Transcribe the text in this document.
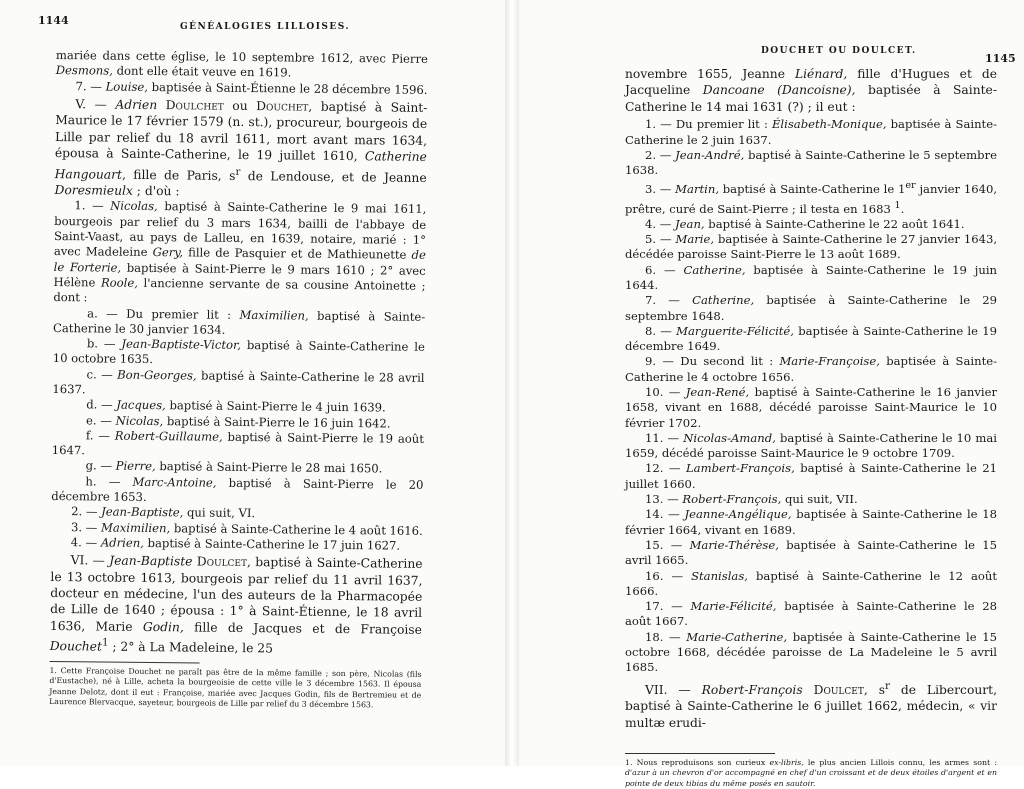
1144	GÉNÉALOGIES LILLOISES.

mariée dans cette église, le 10 septembre 1612, avec Pierre Desmons, dont elle était veuve en 1619.

7. — Louise, baptisée à Saint-Étienne le 28 décembre 1596.

V. — Adrien Doulchet ou Douchet, baptisé à Saint-Maurice le 17 février 1579 (n. st.), procureur, bourgeois de Lille par relief du 18 avril 1611, mort avant mars 1634, épousa à Sainte-Catherine, le 19 juillet 1610, Catherine Hangouart, fille de Paris, $s^r$ de Lendouse, et de Jeanne Doresmieulx ; d'où :

1. — Nicolas, baptisé à Sainte-Catherine le 9 mai 1611, bourgeois par relief du 3 mars 1634, bailli de l'abbaye de Saint-Vaast, au pays de Lalleu, en 1639, notaire, marié : 1° avec Madeleine Gery, fille de Pasquier et de Mathieunette de le Forterie, baptisée à Saint-Pierre le 9 mars 1610 ; 2° avec Hélène Roole, l'ancienne servante de sa cousine Antoinette ; dont :

a. — Du premier lit : Maximilien, baptisé à Sainte-Catherine le 30 janvier 1634.

b. — Jean-Baptiste-Victor, baptisé à Sainte-Catherine le 10 octobre 1635.

c. — Bon-Georges, baptisé à Sainte-Catherine le 28 avril 1637.

d. — Jacques, baptisé à Saint-Pierre le 4 juin 1639.

e. — Nicolas, baptisé à Saint-Pierre le 16 juin 1642.

f. — Robert-Guillaume, baptisé à Saint-Pierre le 19 août 1647.

g. — Pierre, baptisé à Saint-Pierre le 28 mai 1650.

h. — Marc-Antoine, baptisé à Saint-Pierre le 20 décembre 1653.

2. — Jean-Baptiste, qui suit, VI.

3. — Maximilien, baptisé à Sainte-Catherine le 4 août 1616.

4. — Adrien, baptisé à Sainte-Catherine le 17 juin 1627.

VI. — Jean-Baptiste Doulcet, baptisé à Sainte-Catherine le 13 octobre 1613, bourgeois par relief du 11 avril 1637, docteur en médecine, l'un des auteurs de la Pharmacopée de Lille de 1640 ; épousa : 1° à Saint-Étienne, le 18 avril 1636, Marie Godin, fille de Jacques et de Françoise Douchet$^1$ ; 2° à La Madeleine, le 25

1. Cette Françoise Douchet ne paraît pas être de la même famille ; son père, Nicolas (fils d'Eustache), né à Lille, acheta la bourgeoisie de cette ville le 3 décembre 1563. Il épousa Jeanne Delotz, dont il eut : Françoise, mariée avec Jacques Godin, fils de Bertremieu et de Laurence Blervacque, sayeteur, bourgeois de Lille par relief du 3 décembre 1563.

DOUCHET OU DOULCET.
1145

novembre 1655, Jeanne Liénard, fille d'Hugues et de Jacqueline Dancoane (Dancoisne), baptisée à Sainte-Catherine le 14 mai 1631 (?) ; il eut :

1. — Du premier lit : Élisabeth-Monique, baptisée à Sainte-Catherine le 2 juin 1637.

2. — Jean-André, baptisé à Sainte-Catherine le 5 septembre 1638.

3. — Martin, baptisé à Sainte-Catherine le 1er janvier 1640, prêtre, curé de Saint-Pierre ; il testa en 1683 $^1$.

4. — Jean, baptisé à Sainte-Catherine le 22 août 1641.

5. — Marie, baptisée à Sainte-Catherine le 27 janvier 1643, décédée paroisse Saint-Pierre le 13 août 1689.

6. — Catherine, baptisée à Sainte-Catherine le 19 juin 1644.

7. — Catherine, baptisée à Sainte-Catherine le 29 septembre 1648.

8. — Marguerite-Félicité, baptisée à Sainte-Catherine le 19 décembre 1649.

9. — Du second lit : Marie-Françoise, baptisée à Sainte-Catherine le 4 octobre 1656.

10. — Jean-René, baptisé à Sainte-Catherine le 16 janvier 1658, vivant en 1688, décédé paroisse Saint-Maurice le 10 février 1702.

11. — Nicolas-Amand, baptisé à Sainte-Catherine le 10 mai 1659, décédé paroisse Saint-Maurice le 9 octobre 1709.

12. — Lambert-François, baptisé à Sainte-Catherine le 21 juillet 1660.

13. — Robert-François, qui suit, VII.

14. — Jeanne-Angélique, baptisée à Sainte-Catherine le 18 février 1664, vivant en 1689.

15. — Marie-Thérèse, baptisée à Sainte-Catherine le 15 avril 1665.

16. — Stanislas, baptisé à Sainte-Catherine le 12 août 1666.

17. — Marie-Félicité, baptisée à Sainte-Catherine le 28 août 1667.

18. — Marie-Catherine, baptisée à Sainte-Catherine le 15 octobre 1668, décédée paroisse de La Madeleine le 5 avril 1685.

VII. — Robert-François Doulcet, $s^r$ de Libercourt, baptisé à Sainte-Catherine le 6 juillet 1662, médecin, « vir multæ erudi-

1. Nous reproduisons son curieux ex-libris, le plus ancien Lillois connu, les armes sont : d'azur à un chevron d'or accompagné en chef d'un croissant et de deux étoiles d'argent et en pointe de deux tibias du même posés en sautoir.
